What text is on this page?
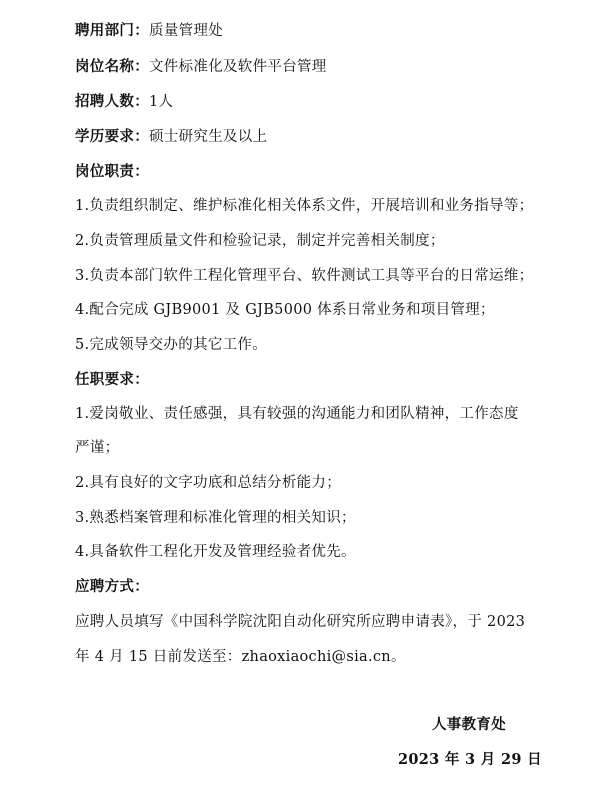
聘用部门：质量管理处
岗位名称：文件标准化及软件平台管理
招聘人数：1人
学历要求：硕士研究生及以上
岗位职责：
1.负责组织制定、维护标准化相关体系文件，开展培训和业务指导等；
2.负责管理质量文件和检验记录，制定并完善相关制度；
3.负责本部门软件工程化管理平台、软件测试工具等平台的日常运维；
4.配合完成 GJB9001 及 GJB5000 体系日常业务和项目管理；
5.完成领导交办的其它工作。
任职要求：
1.爱岗敬业、责任感强，具有较强的沟通能力和团队精神，工作态度
严谨；
2.具有良好的文字功底和总结分析能力；
3.熟悉档案管理和标准化管理的相关知识；
4.具备软件工程化开发及管理经验者优先。
应聘方式：
应聘人员填写《中国科学院沈阳自动化研究所应聘申请表》，于 2023
年 4 月 15 日前发送至：zhaoxiaochi@sia.cn。
人事教育处
2023 年 3 月 29 日
